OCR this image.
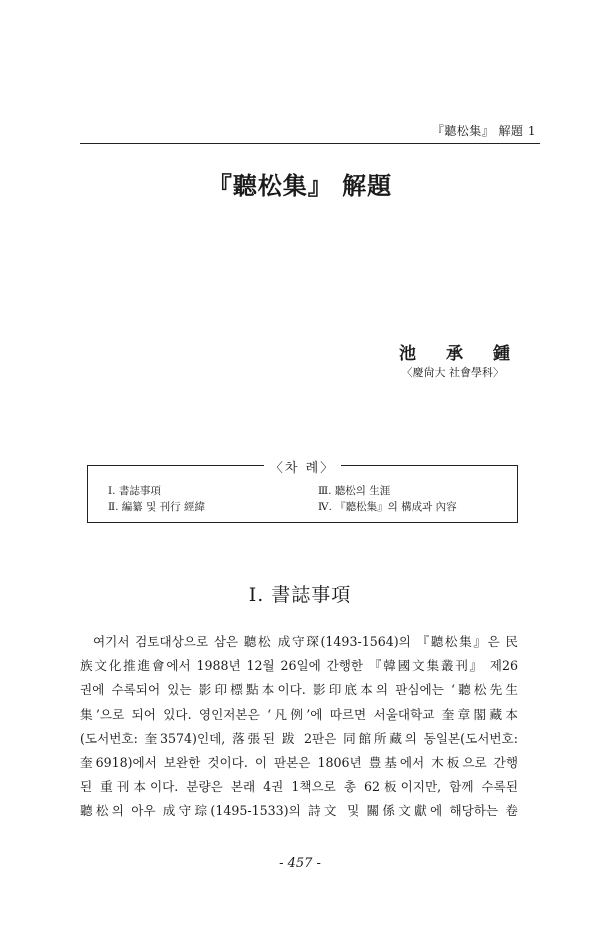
『聽松集』 解題 1
『聽松集』 解題
池 承 鍾
〈慶尙大 社會學科〉
〈차 례〉
Ⅰ. 書誌事項
Ⅱ. 編纂 및 刊行 經緯
Ⅲ. 聽松의 生涯
Ⅳ. 『聽松集』의 構成과 內容
Ⅰ. 書誌事項
여기서 검토대상으로 삼은 聽松 成守琛(1493-1564)의 『聽松集』은 民
族文化推進會에서 1988년 12월 26일에 간행한 『韓國文集叢刊』 제26
권에 수록되어 있는 影印標點本이다. 影印底本의 판심에는 ‘聽松先生
集’으로 되어 있다. 영인저본은 ‘凡例’에 따르면 서울대학교 奎章閣藏本
(도서번호: 奎3574)인데, 落張된 跋 2판은 同館所藏의 동일본(도서번호:
奎6918)에서 보완한 것이다. 이 판본은 1806년 豊基에서 木板으로 간행
된 重刊本이다. 분량은 본래 4권 1책으로 총 62板이지만, 함께 수록된
聽松의 아우 成守琮(1495-1533)의 詩文 및 關係文獻에 해당하는 卷
- 457 -
